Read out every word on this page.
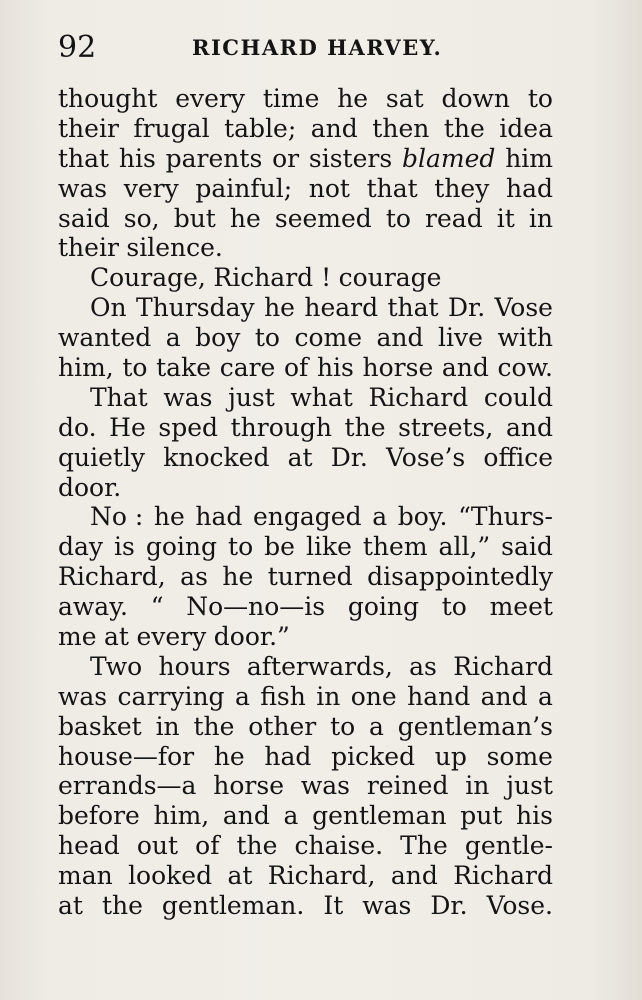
92	RICHARD HARVEY.
thought every time he sat down to
their frugal table; and then the idea
that his parents or sisters blamed him
was very painful; not that they had
said so, but he seemed to read it in
their silence.
Courage, Richard ! courage
On Thursday he heard that Dr. Vose
wanted a boy to come and live with
him, to take care of his horse and cow.
That was just what Richard could
do. He sped through the streets, and
quietly knocked at Dr. Vose’s office
door.
No : he had engaged a boy. “Thurs-
day is going to be like them all,” said
Richard, as he turned disappointedly
away. “ No—no—is going to meet
me at every door.”
Two hours afterwards, as Richard
was carrying a fish in one hand and a
basket in the other to a gentleman’s
house—for he had picked up some
errands—a horse was reined in just
before him, and a gentleman put his
head out of the chaise. The gentle-
man looked at Richard, and Richard
at the gentleman. It was Dr. Vose.
